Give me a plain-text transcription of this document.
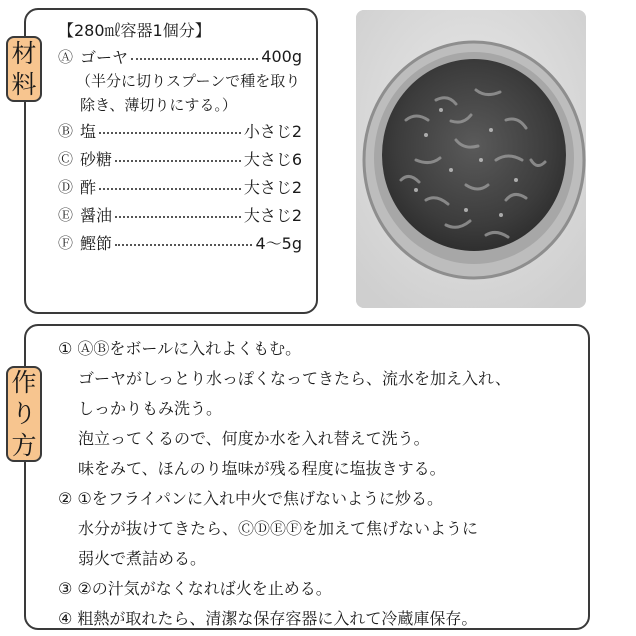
材
料
【280㎖容器1個分】
Ⓐ ゴーヤ	400g
（半分に切りスプーンで種を取り
除き、薄切りにする。）
Ⓑ 塩	小さじ2
Ⓒ 砂糖	大さじ6
Ⓓ 酢	大さじ2
Ⓔ 醤油	大さじ2
Ⓕ 鰹節	4〜5g
作
り
方
① ⒶⒷをボールに入れよくもむ。
ゴーヤがしっとり水っぽくなってきたら、流水を加え入れ、
しっかりもみ洗う。
泡立ってくるので、何度か水を入れ替えて洗う。
味をみて、ほんのり塩味が残る程度に塩抜きする。
② ①をフライパンに入れ中火で焦げないように炒る。
水分が抜けてきたら、ⒸⒹⒺⒻを加えて焦げないように
弱火で煮詰める。
③ ②の汁気がなくなれば火を止める。
④ 粗熱が取れたら、清潔な保存容器に入れて冷蔵庫保存。
